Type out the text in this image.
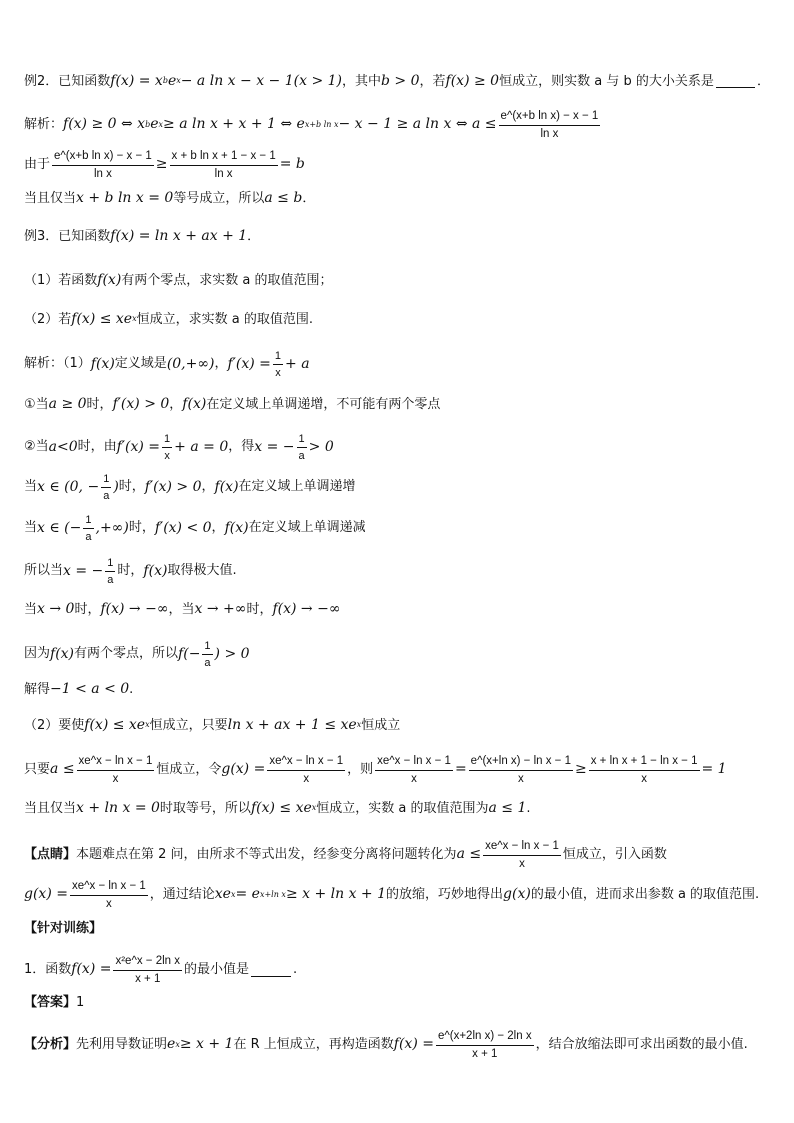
例2．已知函数 f(x) = x b e x − a ln x − x − 1(x > 1) ，其中 b > 0 ，若 f(x) ≥ 0 恒成立，则实数 a 与 b 的大小关系是	．
解析： f(x) ≥ 0 ⇔ x b e x ≥ a ln x + x + 1 ⇔ e x+b ln x − x − 1 ≥ a ln x ⇔ $a \le \frac{\text{e\textasciicircum{}(x+b ln x) − x − 1}}{\text{ln x}}$
由于 $\frac{\text{e\textasciicircum{}(x+b ln x) − x − 1}}{\text{ln x}} \ge \frac{\text{x + b ln x + 1 − x − 1}}{\text{ln x}} = b$
当且仅当 x + b ln x = 0 等号成立，所以 a ≤ b ．
例3．已知函数 f(x) = ln x + ax + 1 ．
（1）若函数 f(x) 有两个零点，求实数 a 的取值范围；
（2）若 f(x) ≤ xe x 恒成立，求实数 a 的取值范围.
解析：（1） f(x) 定义域是 (0,+∞) ， $f'(x) = \frac{1}{x} + a$
①当 a ≥ 0 时， f′(x) > 0 ， f(x) 在定义域上单调递增，不可能有两个零点
②当 a<0 时，由 $f'(x) = \frac{1}{x} + a = 0$ ，得 x = − $\frac{1}{a} > 0$
当 x ∈ (0, − $\frac{1}{a}$ ) 时， f′(x) > 0 ， f(x) 在定义域上单调递增
当 x ∈ (− $\frac{1}{a}$ ,+∞) 时， f′(x) < 0 ， f(x) 在定义域上单调递减
所以当 x = − $\frac{1}{a}$ 时， f(x) 取得极大值.
当 x → 0 时， f(x) → −∞ ，当 x → +∞ 时， f(x) → −∞
因为 f(x) 有两个零点，所以 $f(- \frac{1}{a}$ ) > 0
解得 −1 < a < 0 .
（2）要使 f(x) ≤ xe x 恒成立，只要 ln x + ax + 1 ≤ xe x 恒成立
只要 $a \le \frac{\text{xe\textasciicircum{}x − ln x − 1}}{x}$ 恒成立，令 $g(x) = \frac{\text{xe\textasciicircum{}x − ln x − 1}}{x}$ ，则 $\frac{\text{xe\textasciicircum{}x − ln x − 1}}{x} = \frac{\text{e\textasciicircum{}(x+ln x) − ln x − 1}}{x} \ge \frac{\text{x + ln x + 1 − ln x − 1}}{x} = 1$
当且仅当 x + ln x = 0 时取等号，所以 f(x) ≤ xe x 恒成立，实数 a 的取值范围为 a ≤ 1 .
【点睛】 本题难点在第 2 问，由所求不等式出发，经参变分离将问题转化为 $a \le \frac{\text{xe\textasciicircum{}x − ln x − 1}}{x}$ 恒成立，引入函数
$g(x) = \frac{\text{xe\textasciicircum{}x − ln x − 1}}{x}$ ，通过结论 xe x = e x+ln x ≥ x + ln x + 1 的放缩，巧妙地得出 g(x) 的最小值，进而求出参数 a 的取值范围.
【针对训练】
1．函数 $f(x) = \frac{\text{x²e\textasciicircum{}x − 2ln x}}{x + 1}$ 的最小值是	.
【答案】 1
【分析】 先利用导数证明 e x ≥ x + 1 在 R 上恒成立，再构造函数 $f(x) = \frac{\text{e\textasciicircum{}(x+2ln x) − 2ln x}}{x + 1}$ ，结合放缩法即可求出函数的最小值.
